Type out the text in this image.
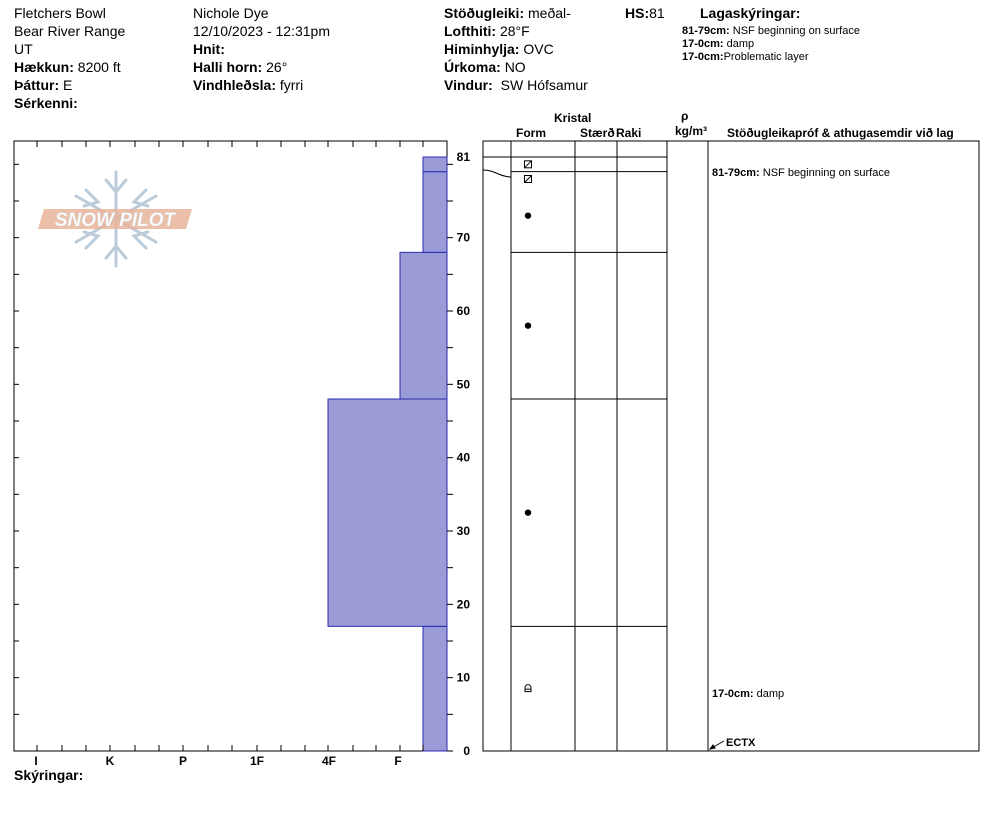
Fletchers Bowl
Bear River Range
UT
Hækkun: 8200 ft
Þáttur: E
Sérkenni:
Nichole Dye
12/10/2023 - 12:31pm
Hnit:
Halli horn: 26°
Vindhleðsla: fyrri
Stöðugleiki: meðal-
Lofthiti: 28°F
Himinhylja: OVC
Úrkoma: NO
Vindur: SW Hófsamur
HS:81	Lagaskýringar:
81-79cm: NSF beginning on surface
17-0cm: damp
17-0cm:Problematic layer
Kristal
Form	Stærð Raki
ρ
kg/m³ Stöðugleikapróf & athugasemdir við lag
81-79cm: NSF beginning on surface
17-0cm: damp
ECTX
Skýringar:
SNOW PILOT
0
10
20
30
40
50
60
70
81
I	K	P	1F	4F	F
